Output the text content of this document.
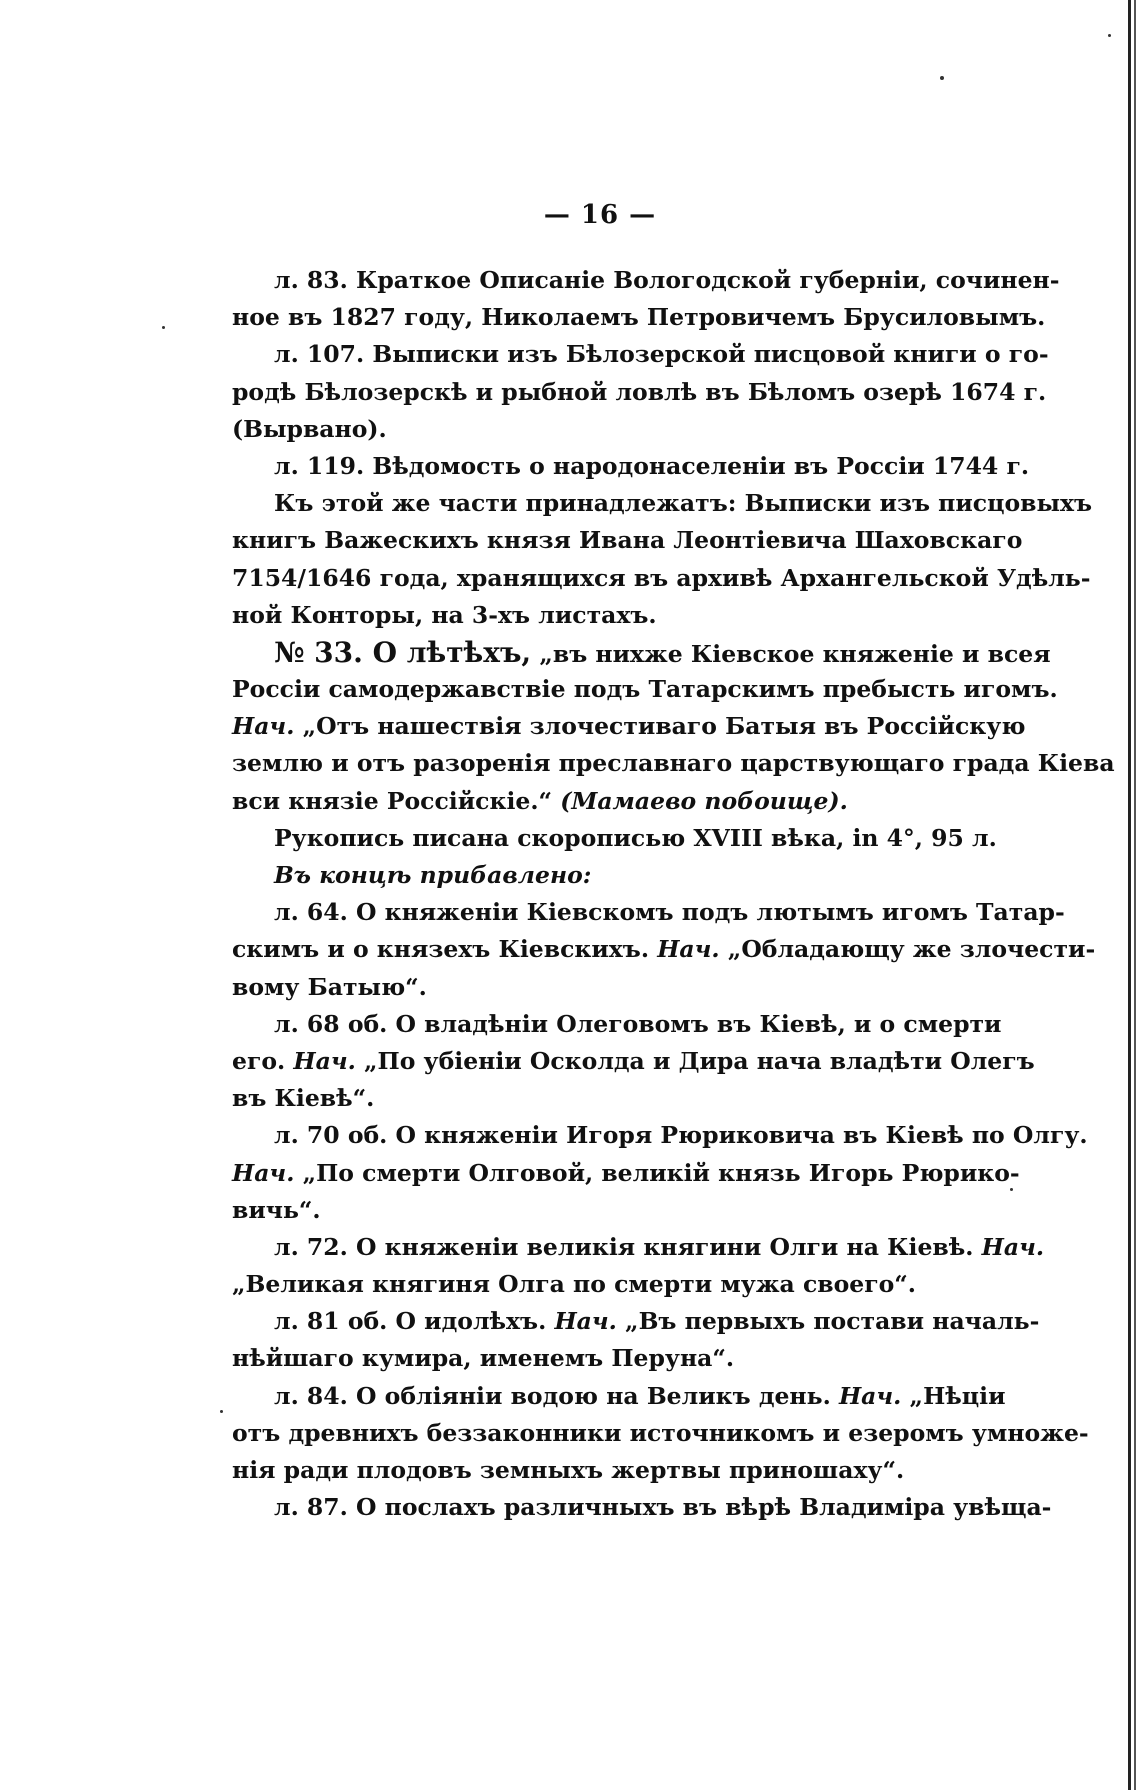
— 16 —
л. 83. Краткое Описаніе Вологодской губерніи, сочинен-
ное въ 1827 году, Николаемъ Петровичемъ Брусиловымъ.
л. 107. Выписки изъ Бѣлозерской писцовой книги о го-
родѣ Бѣлозерскѣ и рыбной ловлѣ въ Бѣломъ озерѣ 1674 г.
(Вырвано).
л. 119. Вѣдомость о народонаселеніи въ Россіи 1744 г.
Къ этой же части принадлежатъ: Выписки изъ писцовыхъ
книгъ Важескихъ князя Ивана Леонтіевича Шаховскаго
7154/1646 года, хранящихся въ архивѣ Архангельской Удѣль-
ной Конторы, на 3-хъ листахъ.
№ 33. О лѣтѣхъ, „въ нихже Кіевское княженіе и всея
Россіи самодержавствіе подъ Татарскимъ пребысть игомъ.
Нач. „Отъ нашествія злочестиваго Батыя въ Россійскую
землю и отъ разоренія преславнаго царствующаго града Кіева
вси князіе Россійскіе.“ (Мамаево побоище).
Рукопись писана скорописью XVIII вѣка, in 4°, 95 л.
Въ концѣ прибавлено:
л. 64. О княженіи Кіевскомъ подъ лютымъ игомъ Татар-
скимъ и о князехъ Кіевскихъ. Нач. „Обладающу же злочести-
вому Батыю“.
л. 68 об. О владѣніи Олеговомъ въ Кіевѣ, и о смерти
его. Нач. „По убіеніи Осколда и Дира нача владѣти Олегъ
въ Кіевѣ“.
л. 70 об. О княженіи Игоря Рюриковича въ Кіевѣ по Олгу.
Нач. „По смерти Олговой, великій князь Игорь Рюрико-
вичь“.
л. 72. О княженіи великія княгини Олги на Кіевѣ. Нач.
„Великая княгиня Олга по смерти мужа своего“.
л. 81 об. О идолѣхъ. Нач. „Въ первыхъ постави началь-
нѣйшаго кумира, именемъ Перуна“.
л. 84. О обліяніи водою на Великъ день. Нач. „Нѣціи
отъ древнихъ беззаконники источникомъ и езеромъ умноже-
нія ради плодовъ земныхъ жертвы приношаху“.
л. 87. О послахъ различныхъ въ вѣрѣ Владиміра увѣща-
